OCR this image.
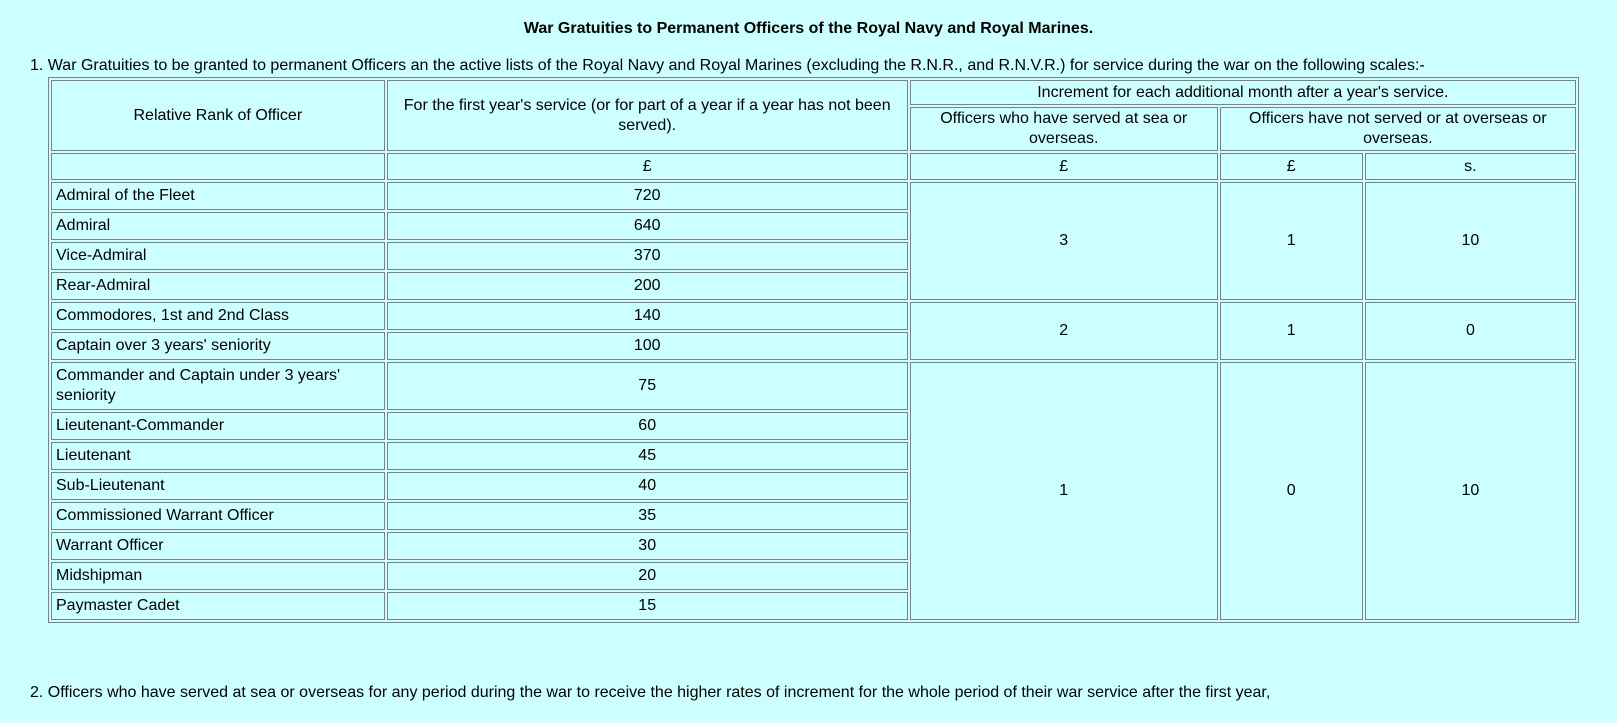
War Gratuities to Permanent Officers of the Royal Navy and Royal Marines.
1. War Gratuities to be granted to permanent Officers an the active lists of the Royal Navy and Royal Marines (excluding the R.N.R., and R.N.V.R.) for service during the war on the following scales:-
Relative Rank of Officer	For the first year's service (or for part of a year if a year has not been served).	Increment for each additional month after a year's service.		
		Officers who have served at sea or overseas.	Officers have not served or at overseas or overseas.	
	£	£	£	s.
Admiral of the Fleet	720	3	1	10
Admiral	640			
Vice-Admiral	370			
Rear-Admiral	200			
Commodores, 1st and 2nd Class	140	2	1	0
Captain over 3 years' seniority	100			
Commander and Captain under 3 years' seniority	75	1	0	10
Lieutenant-Commander	60			
Lieutenant	45			
Sub-Lieutenant	40			
Commissioned Warrant Officer	35			
Warrant Officer	30			
Midshipman	20			
Paymaster Cadet	15			
2. Officers who have served at sea or overseas for any period during the war to receive the higher rates of increment for the whole period of their war service after the first year,
